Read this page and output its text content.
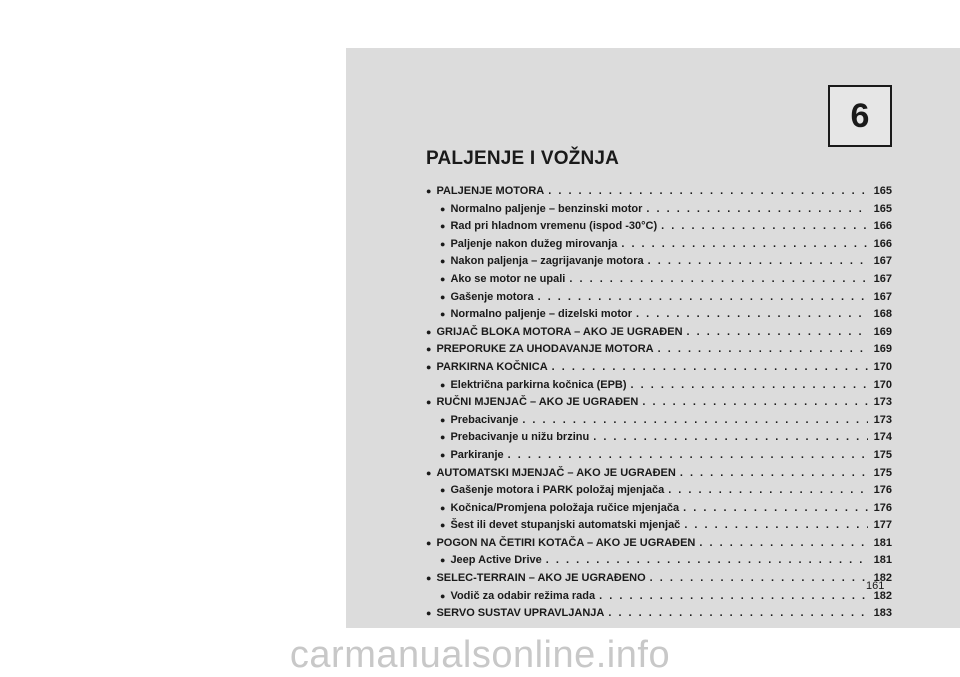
6
PALJENJE I VOŽNJA
● PALJENJE MOTORA . . .	165
● Normalno paljenje – benzinski motor . . .	165
● Rad pri hladnom vremenu (ispod -30°C) . . .	166
● Paljenje nakon dužeg mirovanja . . .	166
● Nakon paljenja – zagrijavanje motora . . .	167
● Ako se motor ne upali . . .	167
● Gašenje motora . . .	167
● Normalno paljenje – dizelski motor . . .	168
● GRIJAČ BLOKA MOTORA – AKO JE UGRAĐEN . . .	169
● PREPORUKE ZA UHODAVANJE MOTORA . . .	169
● PARKIRNA KOČNICA . . .	170
● Električna parkirna kočnica (EPB) . . .	170
● RUČNI MJENJAČ – AKO JE UGRAĐEN . . .	173
● Prebacivanje . . .	173
● Prebacivanje u nižu brzinu . . .	174
● Parkiranje . . .	175
● AUTOMATSKI MJENJAČ – AKO JE UGRAĐEN . . .	175
● Gašenje motora i PARK položaj mjenjača . . .	176
● Kočnica/Promjena položaja ručice mjenjača . . .	176
● Šest ili devet stupanjski automatski mjenjač . . .	177
● POGON NA ČETIRI KOTAČA – AKO JE UGRAĐEN . . .	181
● Jeep Active Drive . . .	181
● SELEC-TERRAIN – AKO JE UGRAĐENO . . .	182
● Vodič za odabir režima rada . . .	182
● SERVO SUSTAV UPRAVLJANJA . . .	183
161
carmanualsonline.info
